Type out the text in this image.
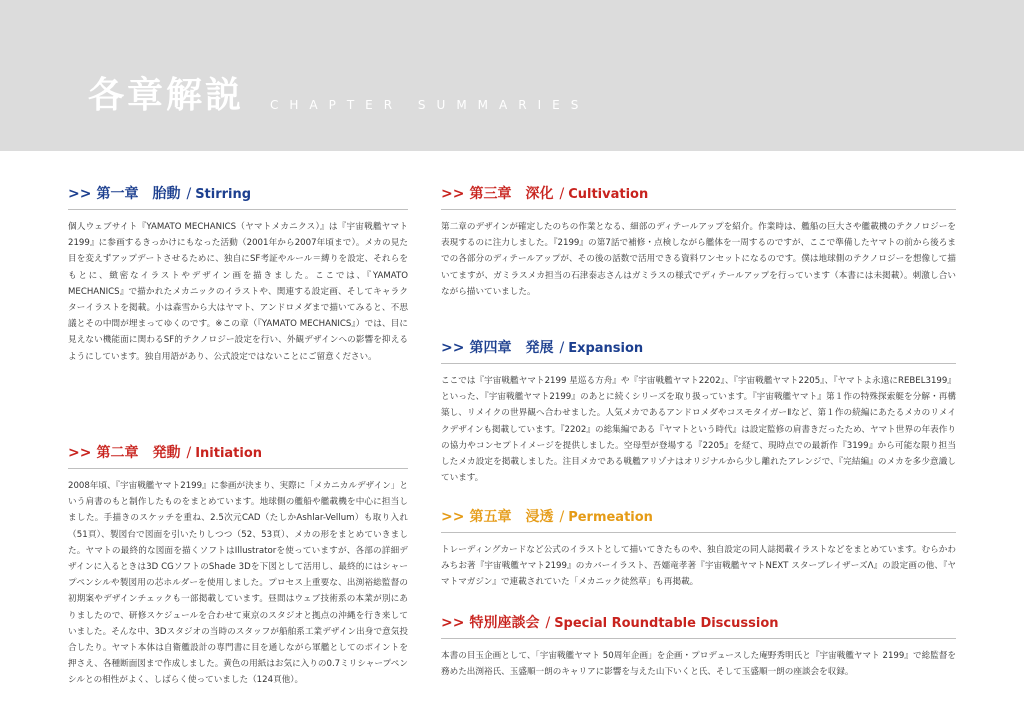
各章解説 CHAPTER SUMMARIES
>> 第一章　胎動 / Stirring

個人ウェブサイト『YAMATO MECHANICS（ヤマトメカニクス）』は『宇宙戦艦ヤマト2199』に参画するきっかけにもなった活動（2001年から2007年頃まで）。メカの見た目を変えずアップデートさせるために、独自にSF考証やルール＝縛りを設定、それらをもとに、緻密なイラストやデザイン画を描きました。ここでは、『YAMATO MECHANICS』で描かれたメカニックのイラストや、関連する設定画、そしてキャラクターイラストを掲載。小は森雪から大はヤマト、アンドロメダまで描いてみると、不思議とその中間が埋まってゆくのです。※この章（『YAMATO MECHANICS』）では、目に見えない機能面に関わるSF的テクノロジー設定を行い、外観デザインへの影響を抑えるようにしています。独自用語があり、公式設定ではないことにご留意ください。

>> 第二章　発動 / Initiation

2008年頃、『宇宙戦艦ヤマト2199』に参画が決まり、実際に「メカニカルデザイン」という肩書のもと制作したものをまとめています。地球側の艦船や艦載機を中心に担当しました。手描きのスケッチを重ね、2.5次元CAD（たしかAshlar-Vellum）も取り入れ（51頁）、製図台で図面を引いたりしつつ（52、53頁）、メカの形をまとめていきました。ヤマトの最終的な図面を描くソフトはIllustratorを使っていますが、各部の詳細デザインに入るときは3D CGソフトのShade 3Dを下図として活用し、最終的にはシャープペンシルや製図用の芯ホルダーを使用しました。プロセス上重要な、出渕裕総監督の初期案やデザインチェックも一部掲載しています。昼間はウェブ技術系の本業が別にありましたので、研修スケジュールを合わせて東京のスタジオと拠点の沖縄を行き来していました。そんな中、3Dスタジオの当時のスタッフが船舶系工業デザイン出身で意気投合したり。ヤマト本体は自衛艦設計の専門書に目を通しながら軍艦としてのポイントを押さえ、各種断面図まで作成しました。黄色の用紙はお気に入りの0.7ミリシャープペンシルとの相性がよく、しばらく使っていました（124頁他）。

>> 第三章　深化 / Cultivation

第二章のデザインが確定したのちの作業となる、細部のディテールアップを紹介。作業時は、艦船の巨大さや艦載機のテクノロジーを表現するのに注力しました。『2199』の第7話で補修・点検しながら艦体を一周するのですが、ここで準備したヤマトの前から後ろまでの各部分のディテールアップが、その後の話数で活用できる資料ワンセットになるのです。僕は地球側のテクノロジーを想像して描いてますが、ガミラスメカ担当の石津泰志さんはガミラスの様式でディテールアップを行っています（本書には未掲載）。刺激し合いながら描いていました。

>> 第四章　発展 / Expansion

ここでは『宇宙戦艦ヤマト2199 星巡る方舟』や『宇宙戦艦ヤマト2202』、『宇宙戦艦ヤマト2205』、『ヤマトよ永遠にREBEL3199』といった、『宇宙戦艦ヤマト2199』のあとに続くシリーズを取り扱っています。『宇宙戦艦ヤマト』第１作の特殊探索艇を分解・再構築し、リメイクの世界観へ合わせました。人気メカであるアンドロメダやコスモタイガーⅡなど、第１作の続編にあたるメカのリメイクデザインも掲載しています。『2202』の総集編である『ヤマトという時代』は設定監修の肩書きだったため、ヤマト世界の年表作りの協力やコンセプトイメージを提供しました。空母型が登場する『2205』を経て、現時点での最新作『3199』から可能な限り担当したメカ設定を掲載しました。注目メカである戦艦アリゾナはオリジナルから少し離れたアレンジで、『完結編』のメカを多少意識しています。

>> 第五章　浸透 / Permeation

トレーディングカードなど公式のイラストとして描いてきたものや、独自設定の同人誌掲載イラストなどをまとめています。むらかわみちお著『宇宙戦艦ヤマト2199』のカバーイラスト、吾嬬竜孝著『宇宙戦艦ヤマトNEXT スターブレイザーズΛ』の設定画の他、『ヤマトマガジン』で連載されていた「メカニック徒然草」も再掲載。

>> 特別座談会 / Special Roundtable Discussion

本書の目玉企画として、「宇宙戦艦ヤマト 50周年企画」を企画・プロデュースした庵野秀明氏と『宇宙戦艦ヤマト 2199』で総監督を務めた出渕裕氏、玉盛順一朗のキャリアに影響を与えた山下いくと氏、そして玉盛順一朗の座談会を収録。
